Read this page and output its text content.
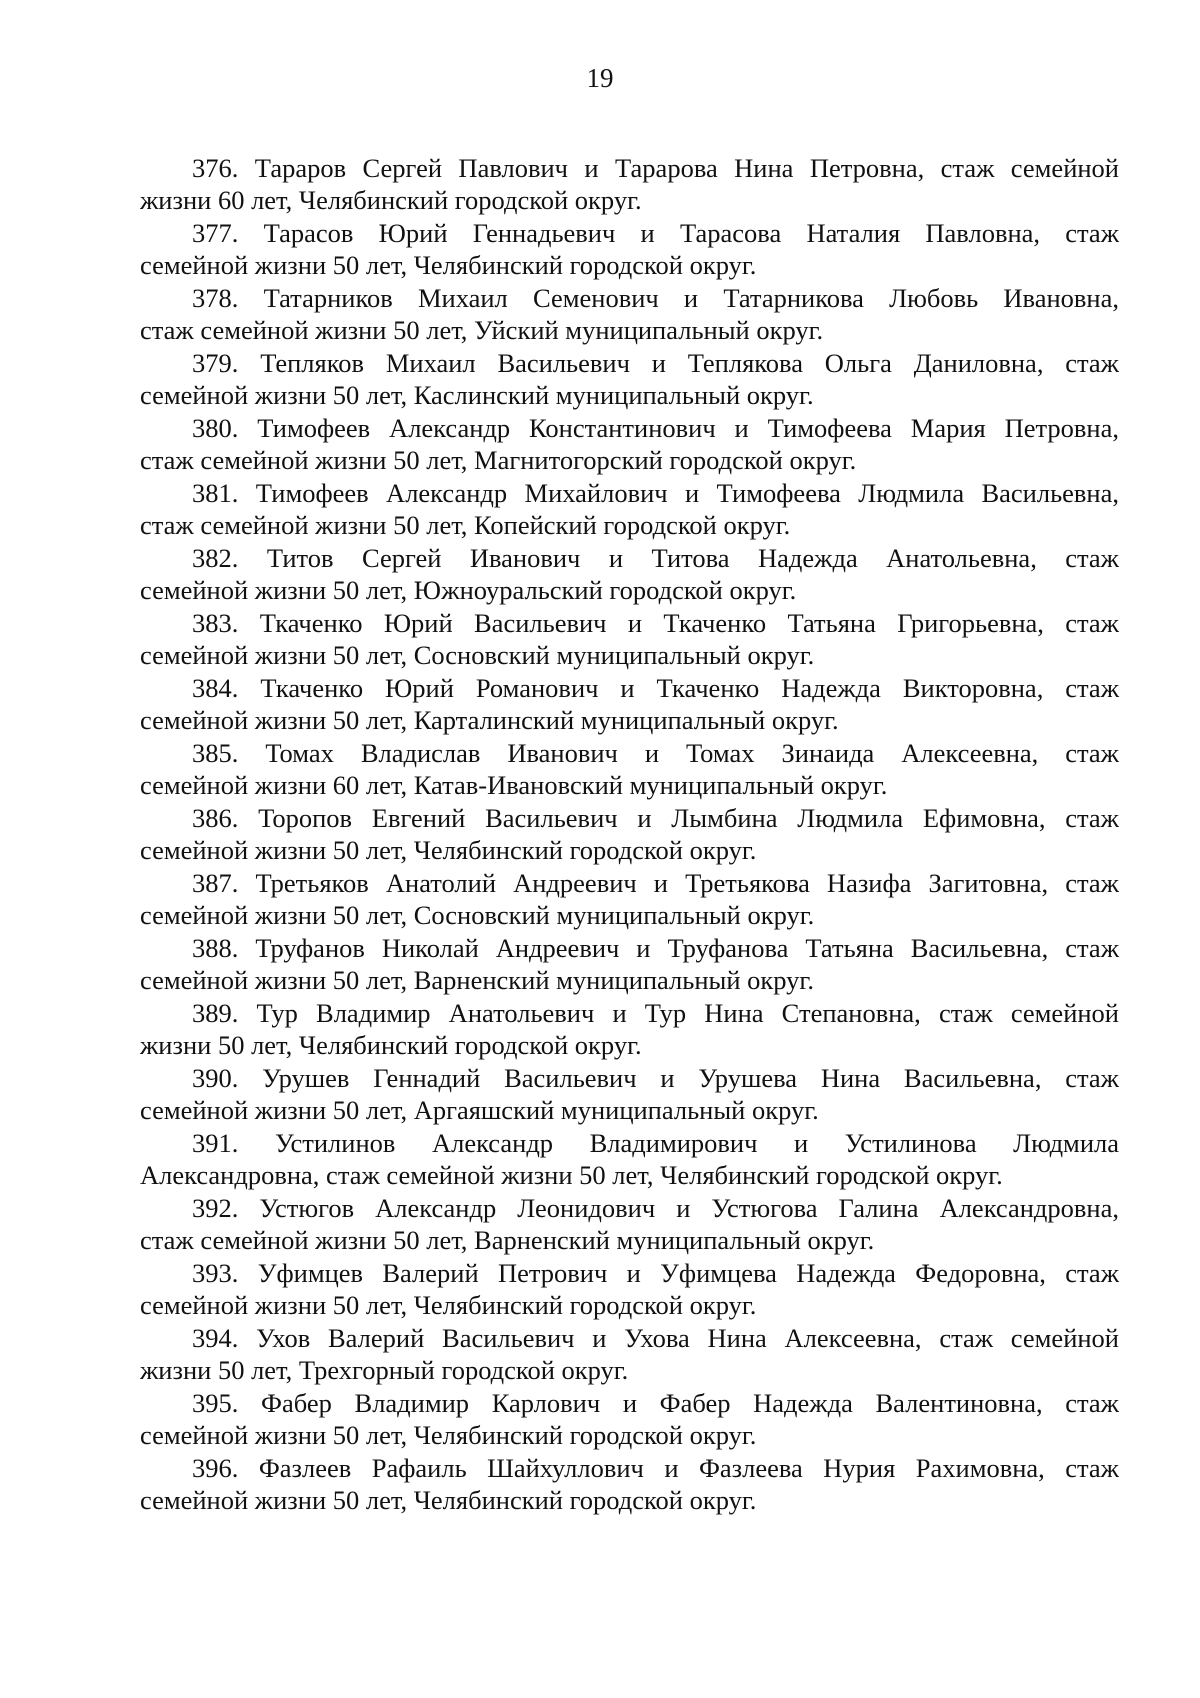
19

376. Тараров Сергей Павлович и Тарарова Нина Петровна, стаж семейной
жизни 60 лет, Челябинский городской округ.

377. Тарасов Юрий Геннадьевич и Тарасова Наталия Павловна, стаж
семейной жизни 50 лет, Челябинский городской округ.

378. Татарников Михаил Семенович и Татарникова Любовь Ивановна,
стаж семейной жизни 50 лет, Уйский муниципальный округ.

379. Тепляков Михаил Васильевич и Теплякова Ольга Даниловна, стаж
семейной жизни 50 лет, Каслинский муниципальный округ.

380. Тимофеев Александр Константинович и Тимофеева Мария Петровна,
стаж семейной жизни 50 лет, Магнитогорский городской округ.

381. Тимофеев Александр Михайлович и Тимофеева Людмила Васильевна,
стаж семейной жизни 50 лет, Копейский городской округ.

382. Титов Сергей Иванович и Титова Надежда Анатольевна, стаж
семейной жизни 50 лет, Южноуральский городской округ.

383. Ткаченко Юрий Васильевич и Ткаченко Татьяна Григорьевна, стаж
семейной жизни 50 лет, Сосновский муниципальный округ.

384. Ткаченко Юрий Романович и Ткаченко Надежда Викторовна, стаж
семейной жизни 50 лет, Карталинский муниципальный округ.

385. Томах Владислав Иванович и Томах Зинаида Алексеевна, стаж
семейной жизни 60 лет, Катав-Ивановский муниципальный округ.

386. Торопов Евгений Васильевич и Лымбина Людмила Ефимовна, стаж
семейной жизни 50 лет, Челябинский городской округ.

387. Третьяков Анатолий Андреевич и Третьякова Назифа Загитовна, стаж
семейной жизни 50 лет, Сосновский муниципальный округ.

388. Труфанов Николай Андреевич и Труфанова Татьяна Васильевна, стаж
семейной жизни 50 лет, Варненский муниципальный округ.

389. Тур Владимир Анатольевич и Тур Нина Степановна, стаж семейной
жизни 50 лет, Челябинский городской округ.

390. Урушев Геннадий Васильевич и Урушева Нина Васильевна, стаж
семейной жизни 50 лет, Аргаяшский муниципальный округ.

391. Устилинов Александр Владимирович и Устилинова Людмила
Александровна, стаж семейной жизни 50 лет, Челябинский городской округ.

392. Устюгов Александр Леонидович и Устюгова Галина Александровна,
стаж семейной жизни 50 лет, Варненский муниципальный округ.

393. Уфимцев Валерий Петрович и Уфимцева Надежда Федоровна, стаж
семейной жизни 50 лет, Челябинский городской округ.

394. Ухов Валерий Васильевич и Ухова Нина Алексеевна, стаж семейной
жизни 50 лет, Трехгорный городской округ.

395. Фабер Владимир Карлович и Фабер Надежда Валентиновна, стаж
семейной жизни 50 лет, Челябинский городской округ.

396. Фазлеев Рафаиль Шайхуллович и Фазлеева Нурия Рахимовна, стаж
семейной жизни 50 лет, Челябинский городской округ.
